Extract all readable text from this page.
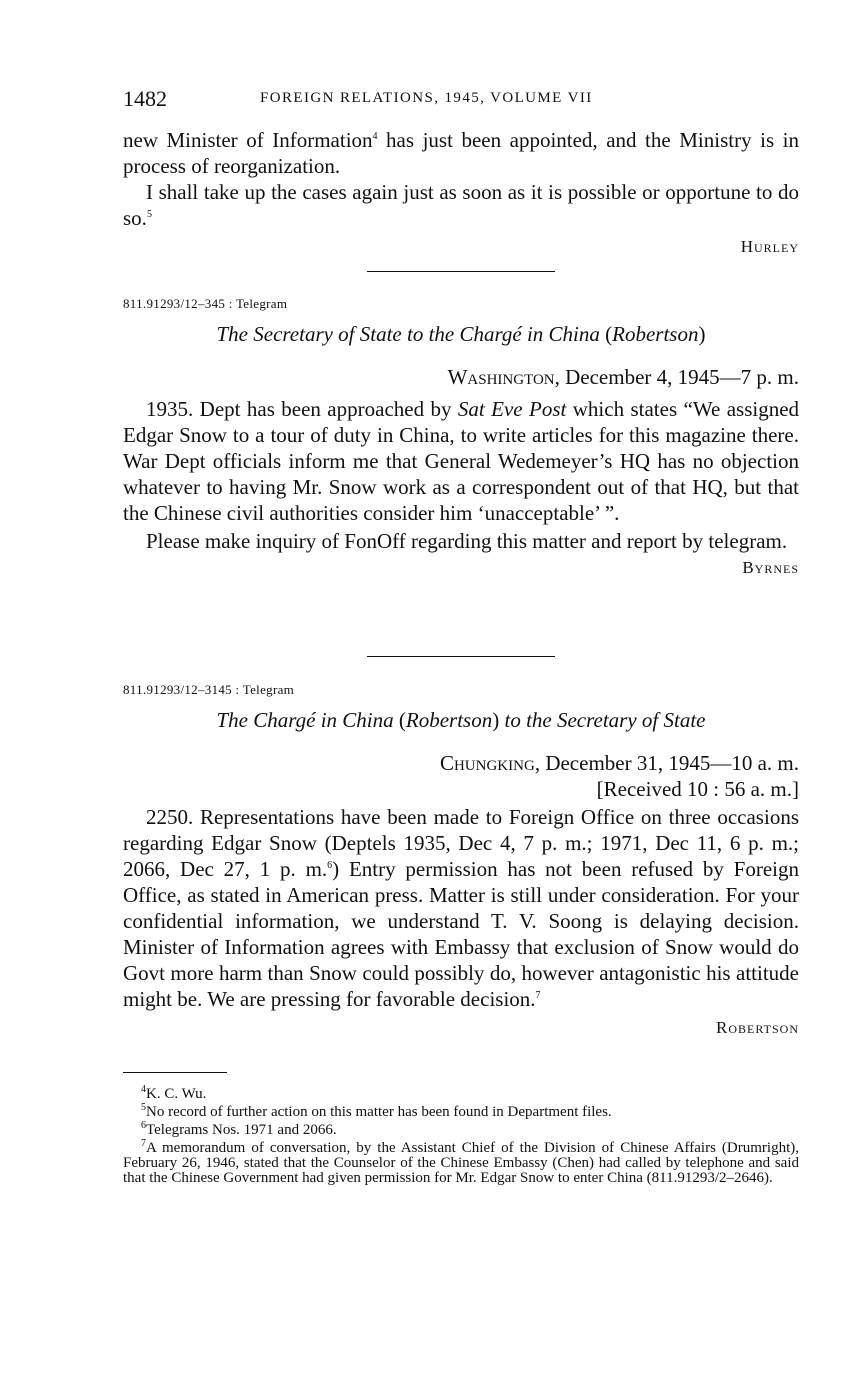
1482	FOREIGN RELATIONS, 1945, VOLUME VII

new Minister of Information$^4$ has just been appointed, and the Ministry is in process of reorganization.

I shall take up the cases again just as soon as it is possible or opportune to do so.$^5$

Hurley

811.91293/12–345 : Telegram

The Secretary of State to the Chargé in China (Robertson)

Washington, December 4, 1945—7 p. m.

1935. Dept has been approached by Sat Eve Post which states “We assigned Edgar Snow to a tour of duty in China, to write articles for this magazine there. War Dept officials inform me that General Wedemeyer’s HQ has no objection whatever to having Mr. Snow work as a correspondent out of that HQ, but that the Chinese civil authorities consider him ‘unacceptable’ ”.

Please make inquiry of FonOff regarding this matter and report by telegram.

Byrnes

811.91293/12–3145 : Telegram

The Chargé in China (Robertson) to the Secretary of State

Chungking, December 31, 1945—10 a. m.

[Received 10 : 56 a. m.]

2250. Representations have been made to Foreign Office on three occasions regarding Edgar Snow (Deptels 1935, Dec 4, 7 p. m.; 1971, Dec 11, 6 p. m.; 2066, Dec 27, 1 p. m.$^6$) Entry permission has not been refused by Foreign Office, as stated in American press. Matter is still under consideration. For your confidential information, we understand T. V. Soong is delaying decision. Minister of Information agrees with Embassy that exclusion of Snow would do Govt more harm than Snow could possibly do, however antagonistic his attitude might be. We are pressing for favorable decision.$^7$

Robertson

$^4$K. C. Wu.

$^5$No record of further action on this matter has been found in Department files.

$^6$Telegrams Nos. 1971 and 2066.

$^7$A memorandum of conversation, by the Assistant Chief of the Division of Chinese Affairs (Drumright), February 26, 1946, stated that the Counselor of the Chinese Embassy (Chen) had called by telephone and said that the Chinese Government had given permission for Mr. Edgar Snow to enter China (811.91293/2–2646).
